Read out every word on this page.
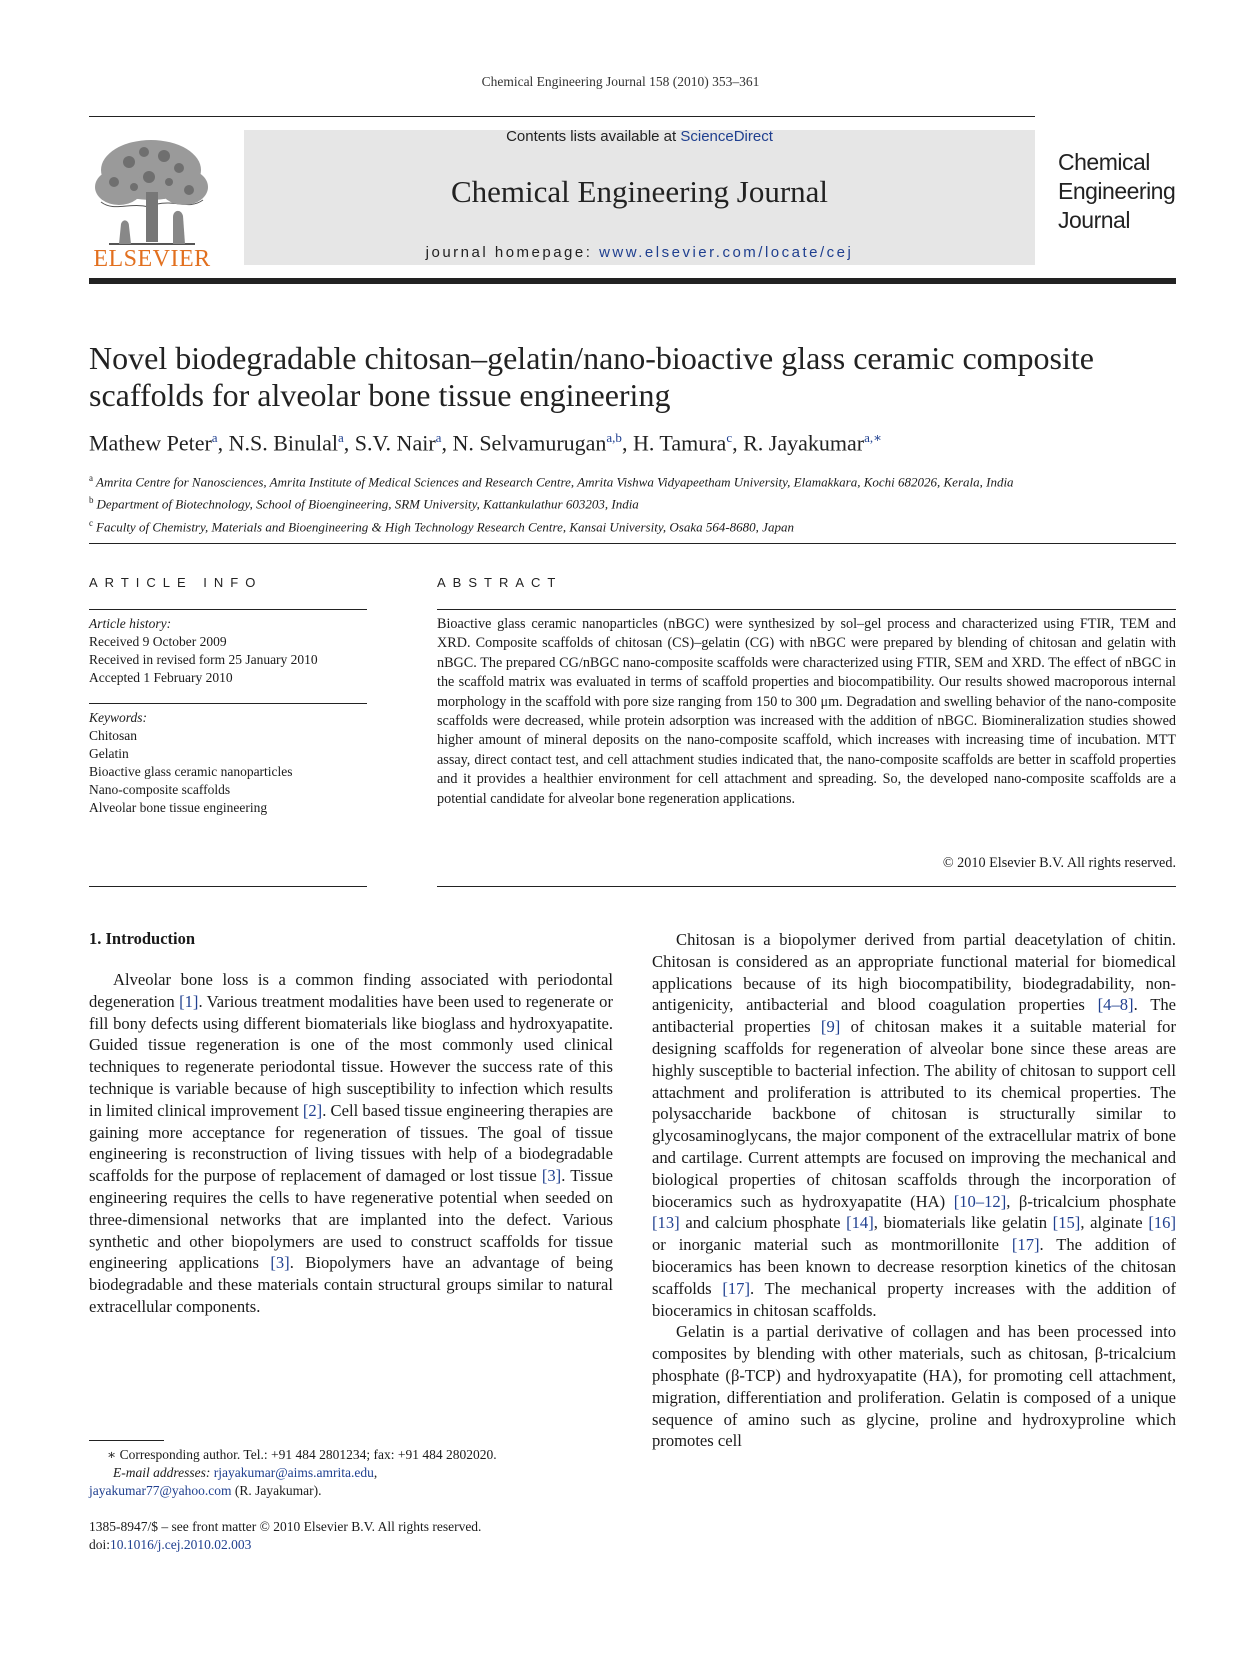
Chemical Engineering Journal 158 (2010) 353–361
ELSEVIER
Contents lists available at ScienceDirect
Chemical Engineering Journal
journal homepage: www.elsevier.com/locate/cej
Chemical
Engineering
Journal
Novel biodegradable chitosan–gelatin/nano-bioactive glass ceramic composite scaffolds for alveolar bone tissue engineering
Mathew Peter$^a$, N.S. Binulal$^a$, S.V. Nair$^a$, N. Selvamurugan$^{a,b}$, H. Tamura$^c$, R. Jayakumar$^{a,∗}$
$^a$ Amrita Centre for Nanosciences, Amrita Institute of Medical Sciences and Research Centre, Amrita Vishwa Vidyapeetham University, Elamakkara, Kochi 682026, Kerala, India
$^b$ Department of Biotechnology, School of Bioengineering, SRM University, Kattankulathur 603203, India
$^c$ Faculty of Chemistry, Materials and Bioengineering & High Technology Research Centre, Kansai University, Osaka 564-8680, Japan
ARTICLE INFO	ABSTRACT
Article history:
Received 9 October 2009
Received in revised form 25 January 2010
Accepted 1 February 2010
Keywords:
Chitosan
Gelatin
Bioactive glass ceramic nanoparticles
Nano-composite scaffolds
Alveolar bone tissue engineering
Bioactive glass ceramic nanoparticles (nBGC) were synthesized by sol–gel process and characterized using FTIR, TEM and XRD. Composite scaffolds of chitosan (CS)–gelatin (CG) with nBGC were prepared by blending of chitosan and gelatin with nBGC. The prepared CG/nBGC nano-composite scaffolds were characterized using FTIR, SEM and XRD. The effect of nBGC in the scaffold matrix was evaluated in terms of scaffold properties and biocompatibility. Our results showed macroporous internal morphology in the scaffold with pore size ranging from 150 to 300 μm. Degradation and swelling behavior of the nano-composite scaffolds were decreased, while protein adsorption was increased with the addition of nBGC. Biomineralization studies showed higher amount of mineral deposits on the nano-composite scaffold, which increases with increasing time of incubation. MTT assay, direct contact test, and cell attachment studies indicated that, the nano-composite scaffolds are better in scaffold properties and it provides a healthier environment for cell attachment and spreading. So, the developed nano-composite scaffolds are a potential candidate for alveolar bone regeneration applications.
© 2010 Elsevier B.V. All rights reserved.
1. Introduction

Alveolar bone loss is a common finding associated with periodontal degeneration [1]. Various treatment modalities have been used to regenerate or fill bony defects using different biomaterials like bioglass and hydroxyapatite. Guided tissue regeneration is one of the most commonly used clinical techniques to regenerate periodontal tissue. However the success rate of this technique is variable because of high susceptibility to infection which results in limited clinical improvement [2]. Cell based tissue engineering therapies are gaining more acceptance for regeneration of tissues. The goal of tissue engineering is reconstruction of living tissues with help of a biodegradable scaffolds for the purpose of replacement of damaged or lost tissue [3]. Tissue engineering requires the cells to have regenerative potential when seeded on three-dimensional networks that are implanted into the defect. Various synthetic and other biopolymers are used to construct scaffolds for tissue engineering applications [3]. Biopolymers have an advantage of being biodegradable and these materials contain structural groups similar to natural extracellular components.

Chitosan is a biopolymer derived from partial deacetylation of chitin. Chitosan is considered as an appropriate functional material for biomedical applications because of its high biocompatibility, biodegradability, non-antigenicity, antibacterial and blood coagulation properties [4–8]. The antibacterial properties [9] of chitosan makes it a suitable material for designing scaffolds for regeneration of alveolar bone since these areas are highly susceptible to bacterial infection. The ability of chitosan to support cell attachment and proliferation is attributed to its chemical properties. The polysaccharide backbone of chitosan is structurally similar to glycosaminoglycans, the major component of the extracellular matrix of bone and cartilage. Current attempts are focused on improving the mechanical and biological properties of chitosan scaffolds through the incorporation of bioceramics such as hydroxyapatite (HA) [10–12], β-tricalcium phosphate [13] and calcium phosphate [14], biomaterials like gelatin [15], alginate [16] or inorganic material such as montmorillonite [17]. The addition of bioceramics has been known to decrease resorption kinetics of the chitosan scaffolds [17]. The mechanical property increases with the addition of bioceramics in chitosan scaffolds.

Gelatin is a partial derivative of collagen and has been processed into composites by blending with other materials, such as chitosan, β-tricalcium phosphate (β-TCP) and hydroxyapatite (HA), for promoting cell attachment, migration, differentiation and proliferation. Gelatin is composed of a unique sequence of amino such as glycine, proline and hydroxyproline which promotes cell

∗ Corresponding author. Tel.: +91 484 2801234; fax: +91 484 2802020.
E-mail addresses: rjayakumar@aims.amrita.edu,
jayakumar77@yahoo.com (R. Jayakumar).
1385-8947/$ – see front matter © 2010 Elsevier B.V. All rights reserved.
doi:10.1016/j.cej.2010.02.003
